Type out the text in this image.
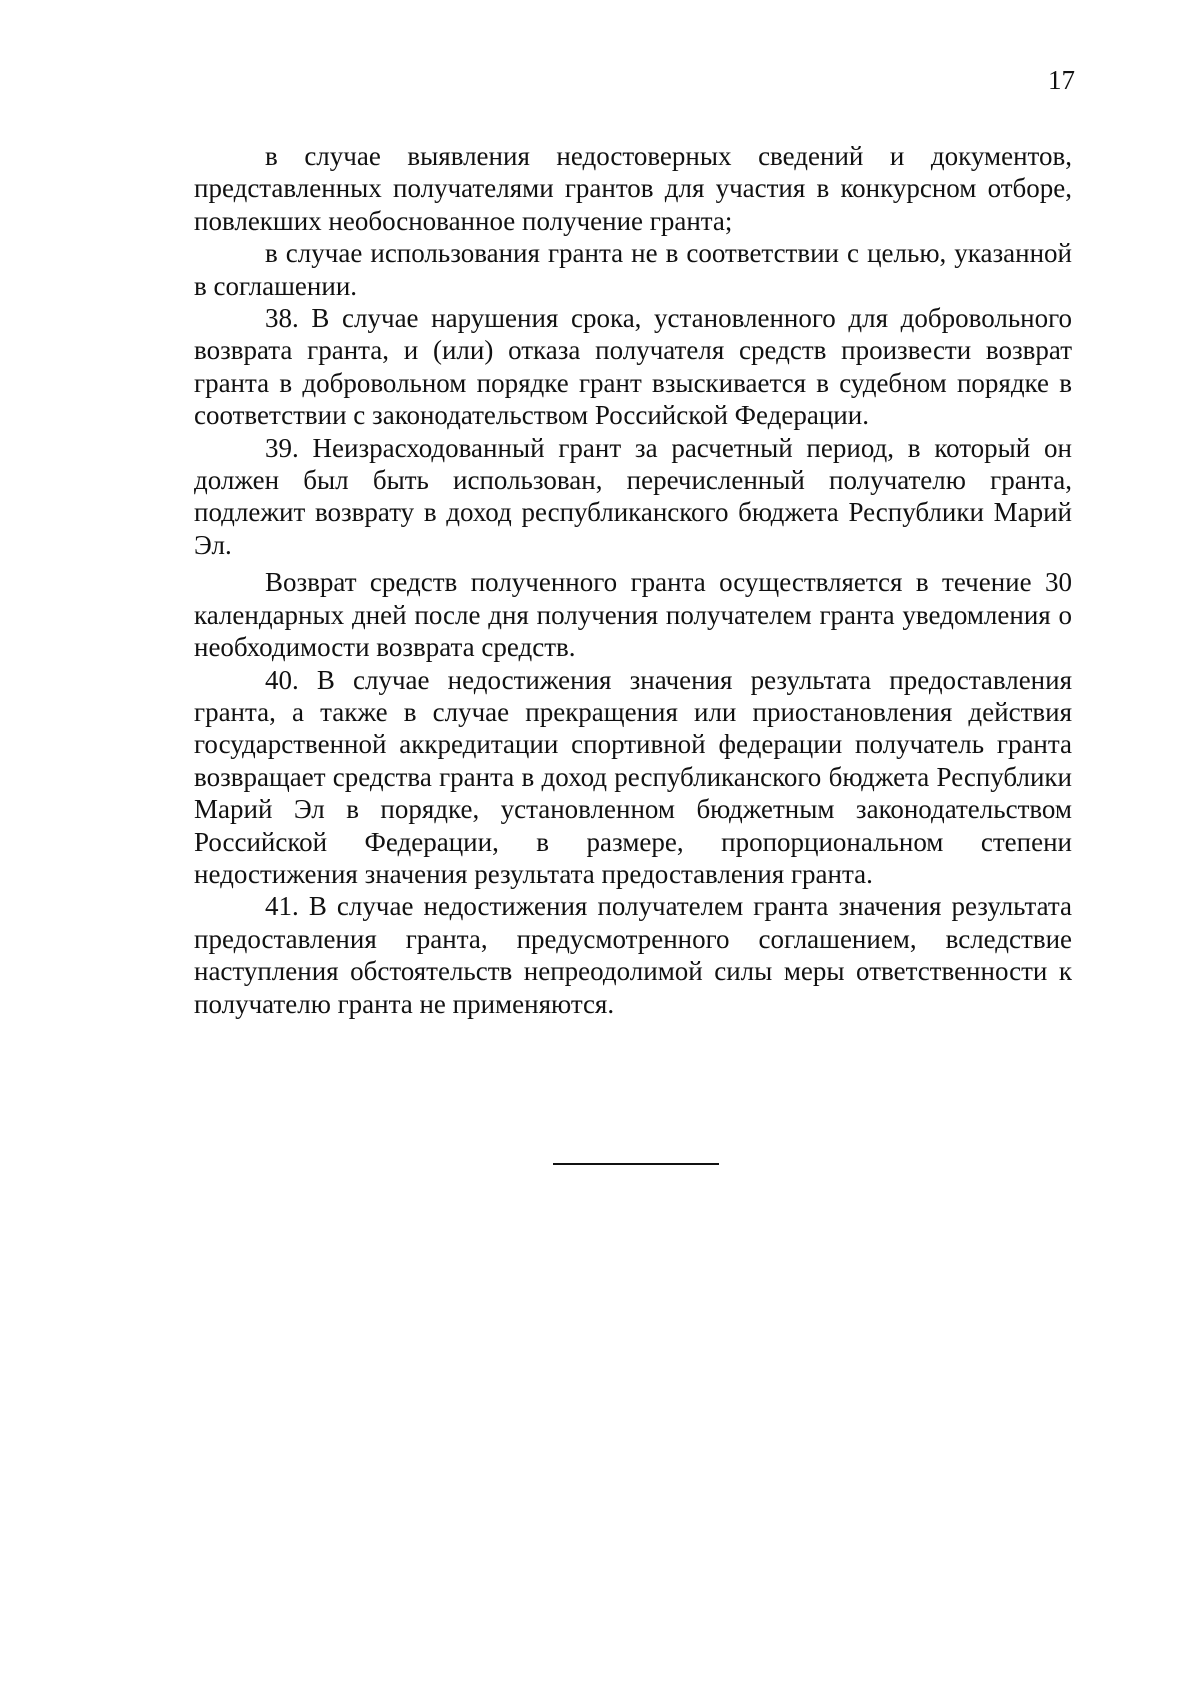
17

в случае выявления недостоверных сведений и документов, представленных получателями грантов для участия в конкурсном отборе, повлекших необоснованное получение гранта;

в случае использования гранта не в соответствии с целью, указанной в соглашении.

38. В случае нарушения срока, установленного для добровольного возврата гранта, и (или) отказа получателя средств произвести возврат гранта в добровольном порядке грант взыскивается в судебном порядке в соответствии с законодательством Российской Федерации.

39. Неизрасходованный грант за расчетный период, в который он должен был быть использован, перечисленный получателю гранта, подлежит возврату в доход республиканского бюджета Республики Марий Эл.

Возврат средств полученного гранта осуществляется в течение 30 календарных дней после дня получения получателем гранта уведомления о необходимости возврата средств.

40. В случае недостижения значения результата предоставления гранта, а также в случае прекращения или приостановления действия государственной аккредитации спортивной федерации получатель гранта возвращает средства гранта в доход республиканского бюджета Республики Марий Эл в порядке, установленном бюджетным законодательством Российской Федерации, в размере, пропорциональном степени недостижения значения результата предоставления гранта.

41. В случае недостижения получателем гранта значения результата предоставления гранта, предусмотренного соглашением, вследствие наступления обстоятельств непреодолимой силы меры ответственности к получателю гранта не применяются.
